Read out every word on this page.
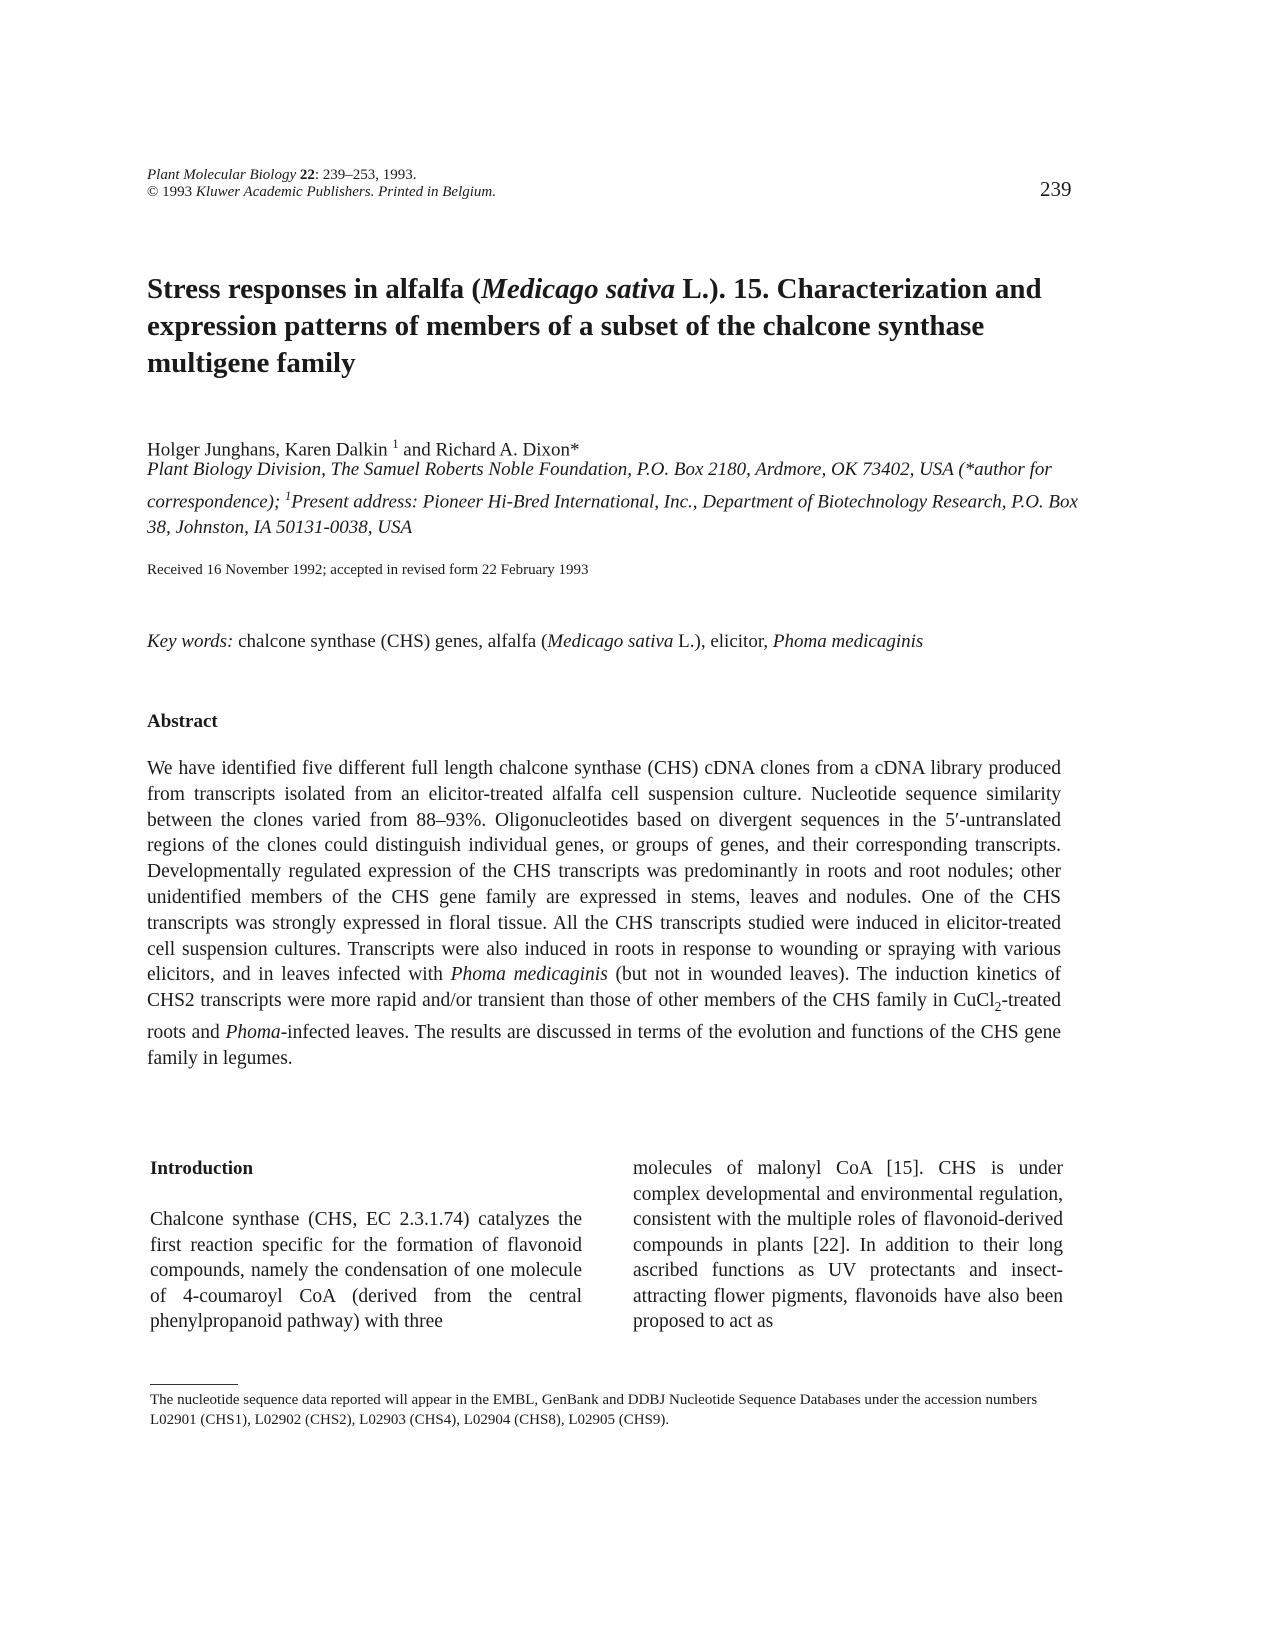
Plant Molecular Biology 22: 239–253, 1993.
© 1993 Kluwer Academic Publishers. Printed in Belgium.	239
Stress responses in alfalfa (Medicago sativa L.). 15. Characterization and expression patterns of members of a subset of the chalcone synthase multigene family
Holger Junghans, Karen Dalkin $^1$ and Richard A. Dixon*
Plant Biology Division, The Samuel Roberts Noble Foundation, P.O. Box 2180, Ardmore, OK 73402, USA (*author for correspondence); $^1$Present address: Pioneer Hi-Bred International, Inc., Department of Biotechnology Research, P.O. Box 38, Johnston, IA 50131-0038, USA
Received 16 November 1992; accepted in revised form 22 February 1993
Key words: chalcone synthase (CHS) genes, alfalfa (Medicago sativa L.), elicitor, Phoma medicaginis
Abstract

We have identified five different full length chalcone synthase (CHS) cDNA clones from a cDNA library produced from transcripts isolated from an elicitor-treated alfalfa cell suspension culture. Nucleotide sequence similarity between the clones varied from 88–93%. Oligonucleotides based on divergent sequences in the 5′-untranslated regions of the clones could distinguish individual genes, or groups of genes, and their corresponding transcripts. Developmentally regulated expression of the CHS transcripts was predominantly in roots and root nodules; other unidentified members of the CHS gene family are expressed in stems, leaves and nodules. One of the CHS transcripts was strongly expressed in floral tissue. All the CHS transcripts studied were induced in elicitor-treated cell suspension cultures. Transcripts were also induced in roots in response to wounding or spraying with various elicitors, and in leaves infected with Phoma medicaginis (but not in wounded leaves). The induction kinetics of CHS2 transcripts were more rapid and/or transient than those of other members of the CHS family in CuCl$_2$-treated roots and Phoma-infected leaves. The results are discussed in terms of the evolution and functions of the CHS gene family in legumes.

Introduction

Chalcone synthase (CHS, EC 2.3.1.74) catalyzes the first reaction specific for the formation of flavonoid compounds, namely the condensation of one molecule of 4-coumaroyl CoA (derived from the central phenylpropanoid pathway) with three

molecules of malonyl CoA [15]. CHS is under complex developmental and environmental regulation, consistent with the multiple roles of flavonoid-derived compounds in plants [22]. In addition to their long ascribed functions as UV protectants and insect-attracting flower pigments, flavonoids have also been proposed to act as

The nucleotide sequence data reported will appear in the EMBL, GenBank and DDBJ Nucleotide Sequence Databases under the accession numbers L02901 (CHS1), L02902 (CHS2), L02903 (CHS4), L02904 (CHS8), L02905 (CHS9).
